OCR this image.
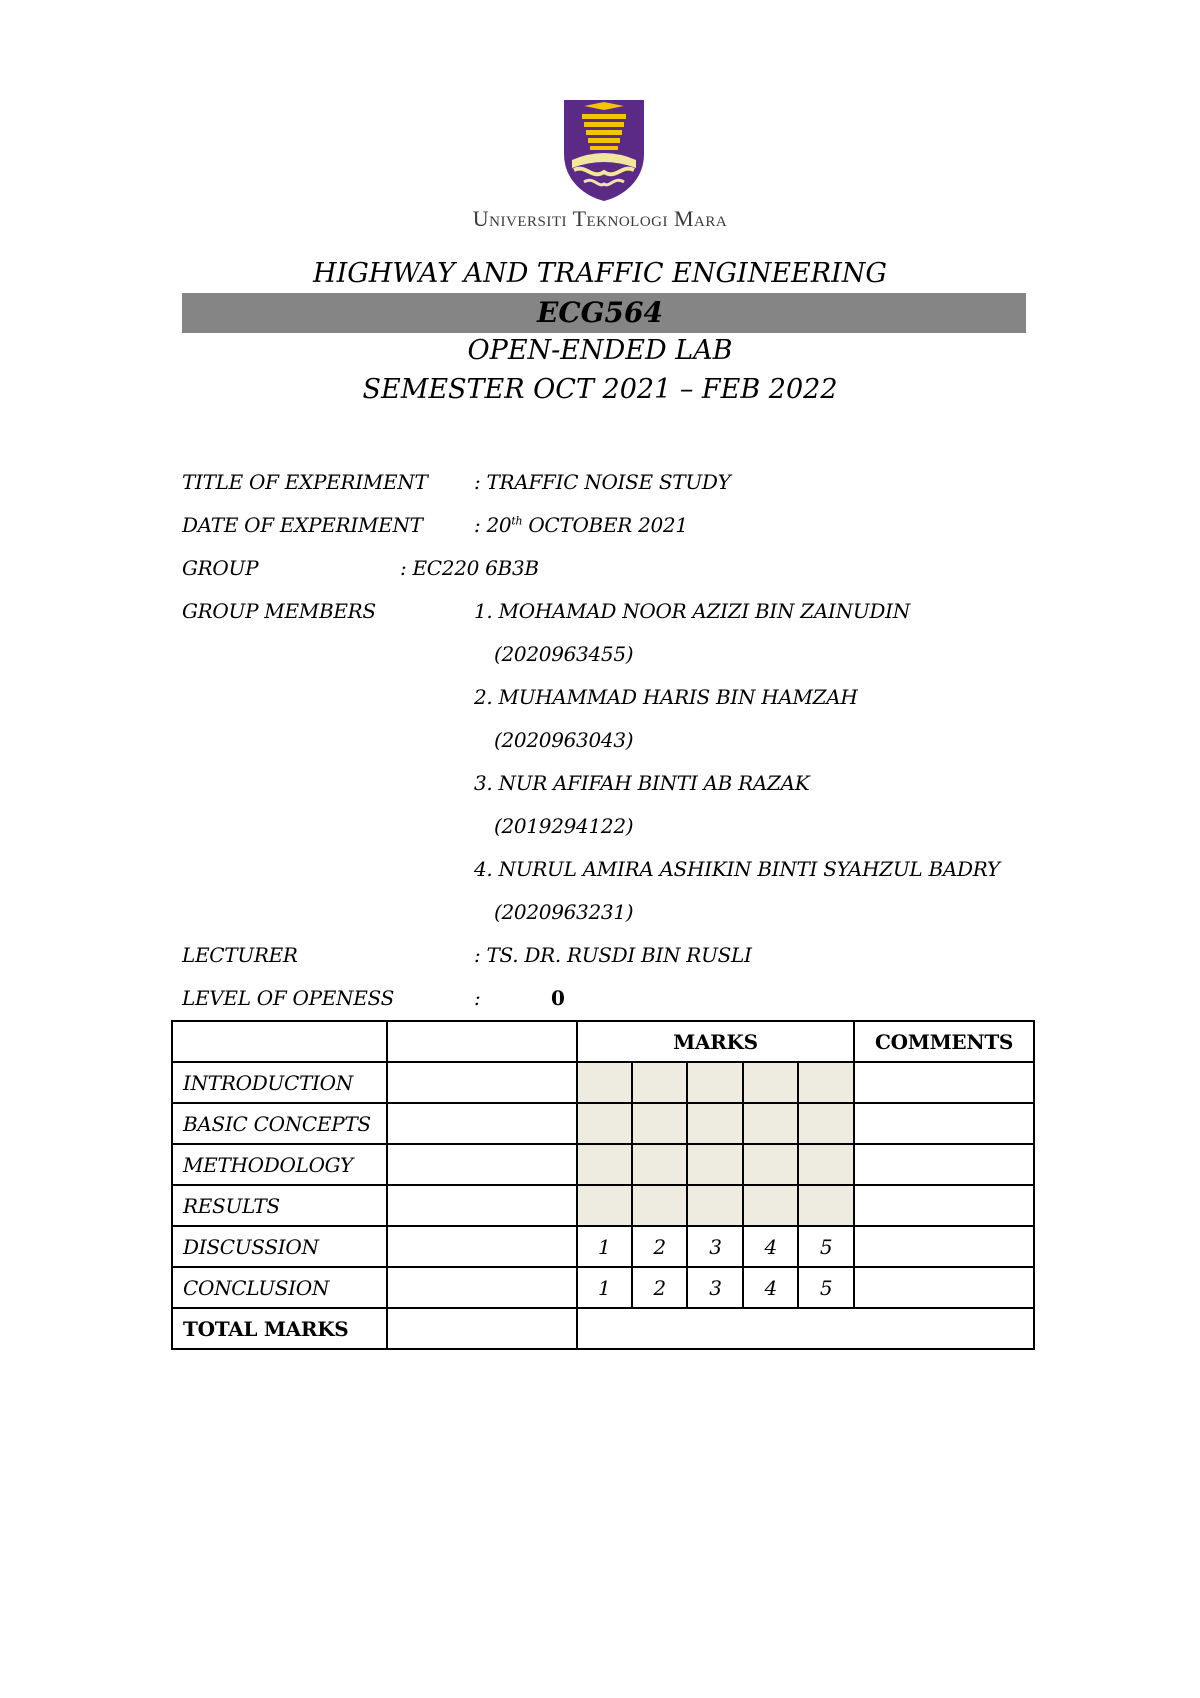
Universiti Teknologi Mara
HIGHWAY AND TRAFFIC ENGINEERING
ECG564
OPEN-ENDED LAB
SEMESTER OCT 2021 – FEB 2022
TITLE OF EXPERIMENT : TRAFFIC NOISE STUDY
DATE OF EXPERIMENT	: 20th OCTOBER 2021
GROUP	: EC220 6B3B
GROUP MEMBERS	1. MOHAMAD NOOR AZIZI BIN ZAINUDIN
(2020963455)
2. MUHAMMAD HARIS BIN HAMZAH
(2020963043)
3. NUR AFIFAH BINTI AB RAZAK
(2019294122)
4. NURUL AMIRA ASHIKIN BINTI SYAHZUL BADRY
(2020963231)
LECTURER	: TS. DR. RUSDI BIN RUSLI
LEVEL OF OPENESS	:	0
		MARKS					COMMENTS
INTRODUCTION							
BASIC CONCEPTS							
METHODOLOGY							
RESULTS							
DISCUSSION		1	2	3	4	5	
CONCLUSION		1	2	3	4	5	
TOTAL MARKS							
